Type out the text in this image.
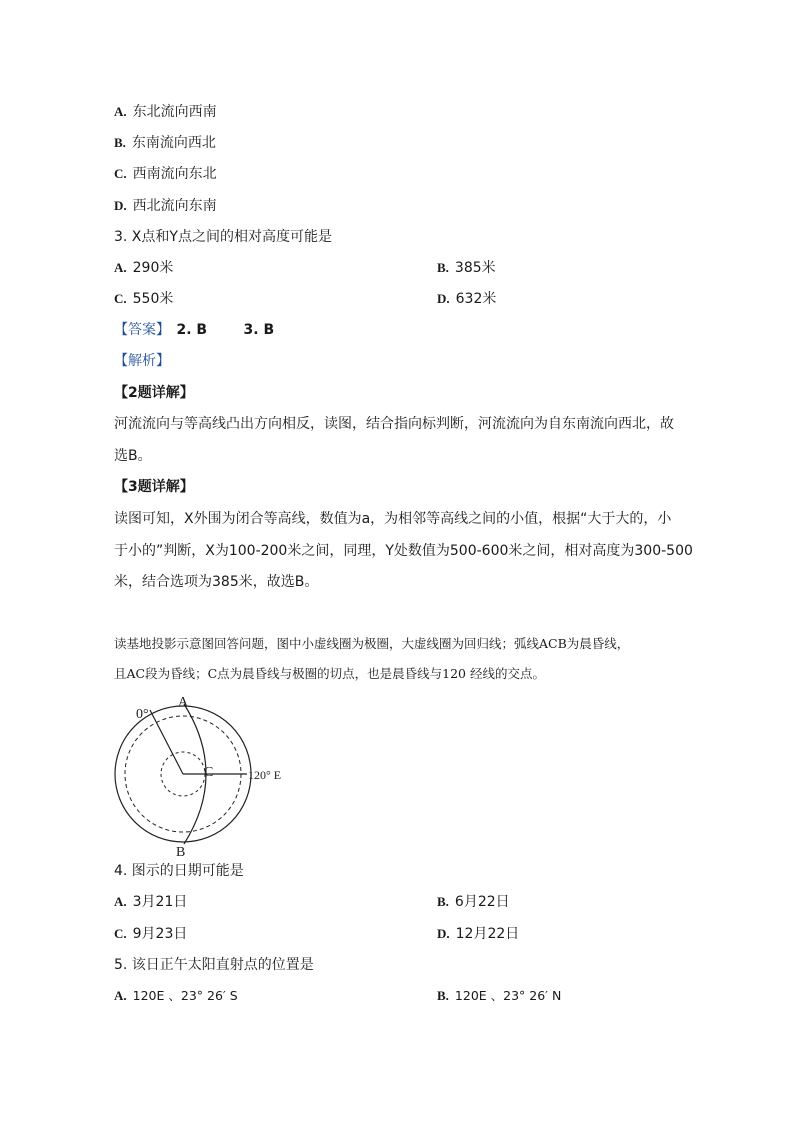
A. 东北流向西南
B. 东南流向西北
C. 西南流向东北
D. 西北流向东南
3. X点和Y点之间的相对高度可能是
A. 290米	B. 385米
C. 550米	D. 632米
【答案】 2. B	3. B
【解析】
【2题详解】
河流流向与等高线凸出方向相反，读图，结合指向标判断，河流流向为自东南流向西北，故
选B。
【3题详解】
读图可知，X外围为闭合等高线，数值为a，为相邻等高线之间的小值，根据“大于大的，小
于小的”判断，X为100-200米之间，同理，Y处数值为500-600米之间，相对高度为300-500
米，结合选项为385米，故选B。
读基地投影示意图回答问题，图中小虚线圈为极圈，大虚线圈为回归线；弧线ACB为晨昏线，
且AC段为昏线；C点为晨昏线与极圈的切点，也是晨昏线与120 经线的交点。
0°
A
C	120° E
B
4. 图示的日期可能是
A. 3月21日	B. 6月22日
C. 9月23日	D. 12月22日
5. 该日正午太阳直射点的位置是
A. 120E 、23° 26′ S	B. 120E 、23° 26′ N
